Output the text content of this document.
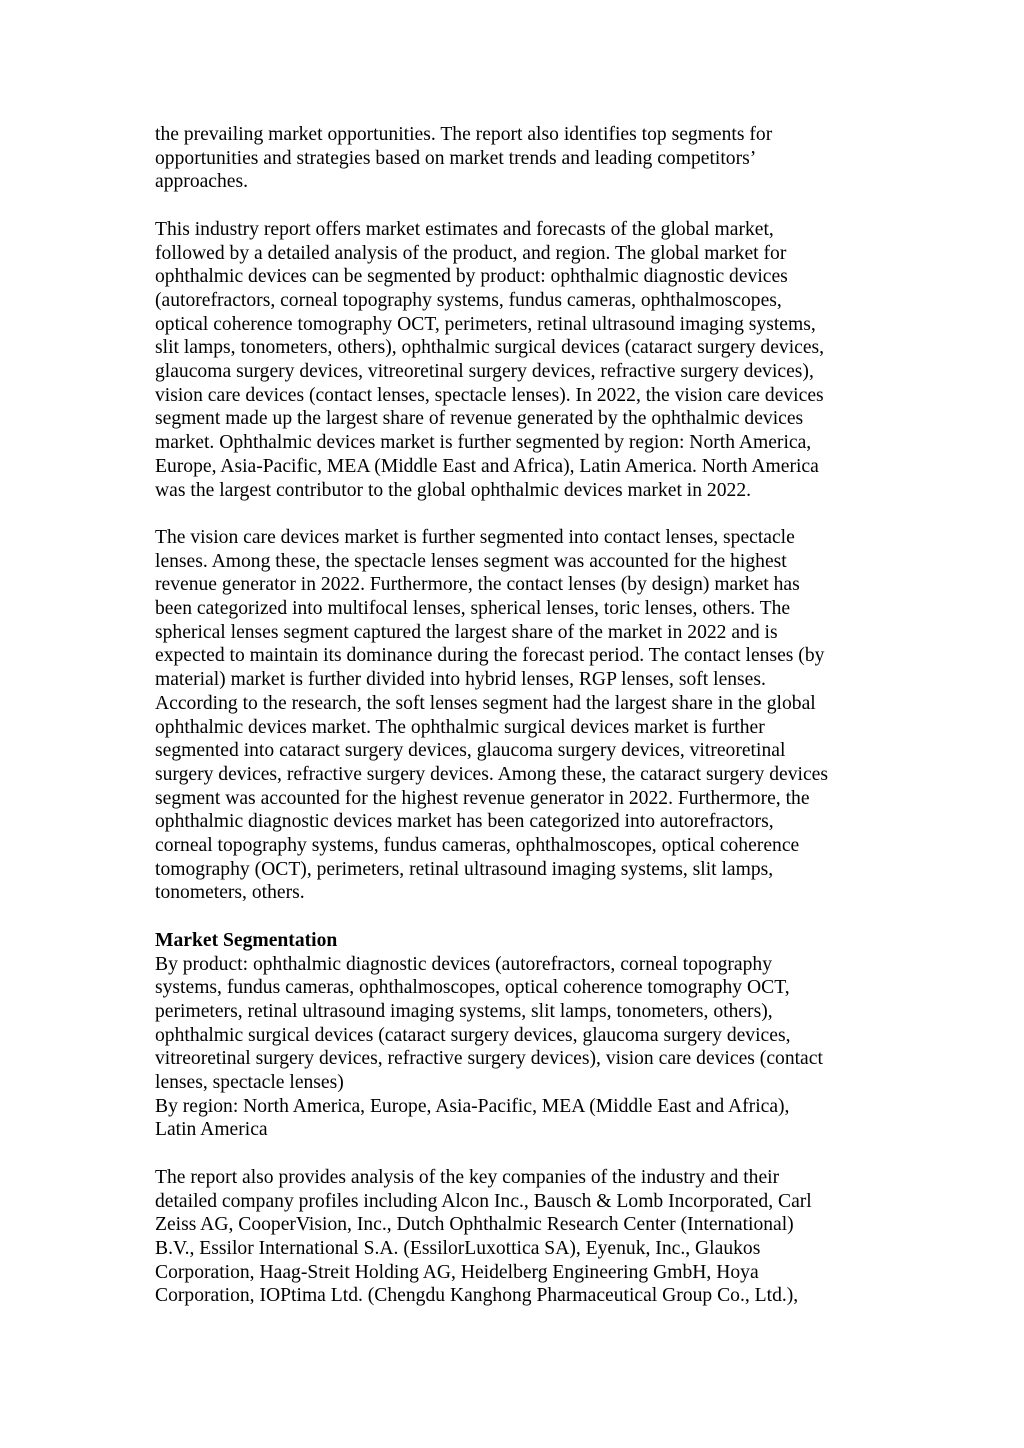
the prevailing market opportunities. The report also identifies top segments for
opportunities and strategies based on market trends and leading competitors’
approaches.
This industry report offers market estimates and forecasts of the global market,
followed by a detailed analysis of the product, and region. The global market for
ophthalmic devices can be segmented by product: ophthalmic diagnostic devices
(autorefractors, corneal topography systems, fundus cameras, ophthalmoscopes,
optical coherence tomography OCT, perimeters, retinal ultrasound imaging systems,
slit lamps, tonometers, others), ophthalmic surgical devices (cataract surgery devices,
glaucoma surgery devices, vitreoretinal surgery devices, refractive surgery devices),
vision care devices (contact lenses, spectacle lenses). In 2022, the vision care devices
segment made up the largest share of revenue generated by the ophthalmic devices
market. Ophthalmic devices market is further segmented by region: North America,
Europe, Asia-Pacific, MEA (Middle East and Africa), Latin America. North America
was the largest contributor to the global ophthalmic devices market in 2022.
The vision care devices market is further segmented into contact lenses, spectacle
lenses. Among these, the spectacle lenses segment was accounted for the highest
revenue generator in 2022. Furthermore, the contact lenses (by design) market has
been categorized into multifocal lenses, spherical lenses, toric lenses, others. The
spherical lenses segment captured the largest share of the market in 2022 and is
expected to maintain its dominance during the forecast period. The contact lenses (by
material) market is further divided into hybrid lenses, RGP lenses, soft lenses.
According to the research, the soft lenses segment had the largest share in the global
ophthalmic devices market. The ophthalmic surgical devices market is further
segmented into cataract surgery devices, glaucoma surgery devices, vitreoretinal
surgery devices, refractive surgery devices. Among these, the cataract surgery devices
segment was accounted for the highest revenue generator in 2022. Furthermore, the
ophthalmic diagnostic devices market has been categorized into autorefractors,
corneal topography systems, fundus cameras, ophthalmoscopes, optical coherence
tomography (OCT), perimeters, retinal ultrasound imaging systems, slit lamps,
tonometers, others.
Market Segmentation
By product: ophthalmic diagnostic devices (autorefractors, corneal topography
systems, fundus cameras, ophthalmoscopes, optical coherence tomography OCT,
perimeters, retinal ultrasound imaging systems, slit lamps, tonometers, others),
ophthalmic surgical devices (cataract surgery devices, glaucoma surgery devices,
vitreoretinal surgery devices, refractive surgery devices), vision care devices (contact
lenses, spectacle lenses)
By region: North America, Europe, Asia-Pacific, MEA (Middle East and Africa),
Latin America
The report also provides analysis of the key companies of the industry and their
detailed company profiles including Alcon Inc., Bausch & Lomb Incorporated, Carl
Zeiss AG, CooperVision, Inc., Dutch Ophthalmic Research Center (International)
B.V., Essilor International S.A. (EssilorLuxottica SA), Eyenuk, Inc., Glaukos
Corporation, Haag-Streit Holding AG, Heidelberg Engineering GmbH, Hoya
Corporation, IOPtima Ltd. (Chengdu Kanghong Pharmaceutical Group Co., Ltd.),
